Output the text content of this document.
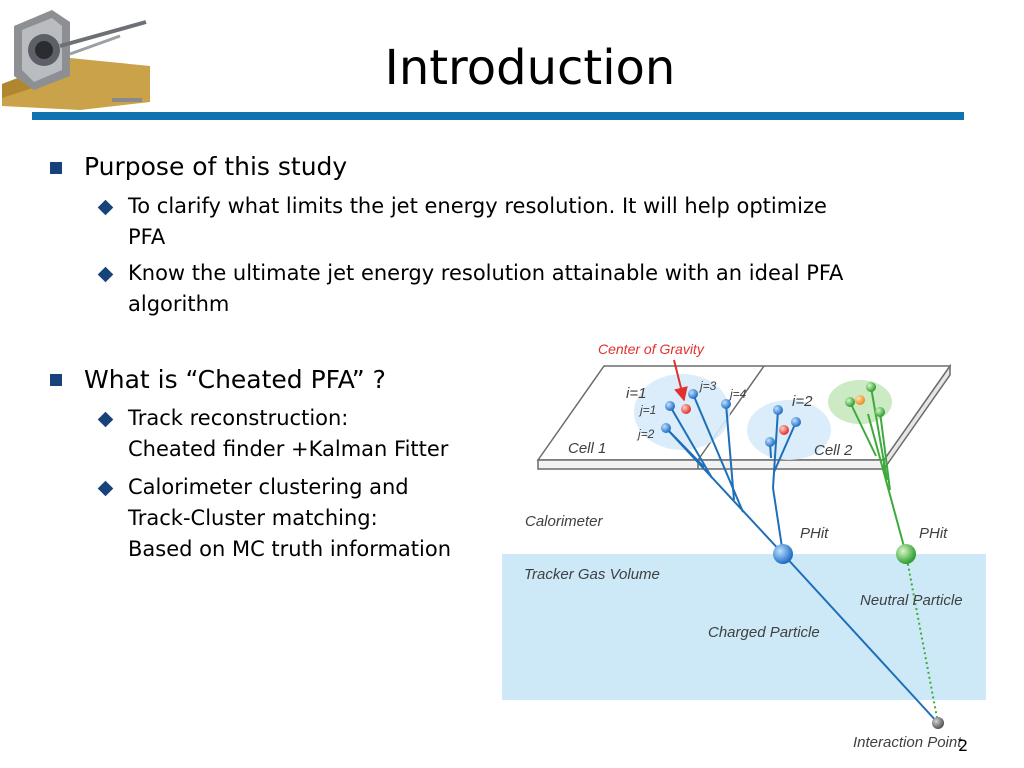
Introduction
Purpose of this study
To clarify what limits the jet energy resolution. It will help optimize
PFA
Know the ultimate jet energy resolution attainable with an ideal PFA
algorithm
What is “Cheated PFA” ?
Track reconstruction:
Cheated finder +Kalman Fitter
Calorimeter clustering and
Track-Cluster matching:
Based on MC truth information
Center of Gravity
i=1	j=3
j=4
j=1
j=2
i=2
Cell 1	Cell 2
Calorimeter
PHit	PHit
Tracker Gas Volume
Neutral Particle
Charged Particle
Interaction Point
2
